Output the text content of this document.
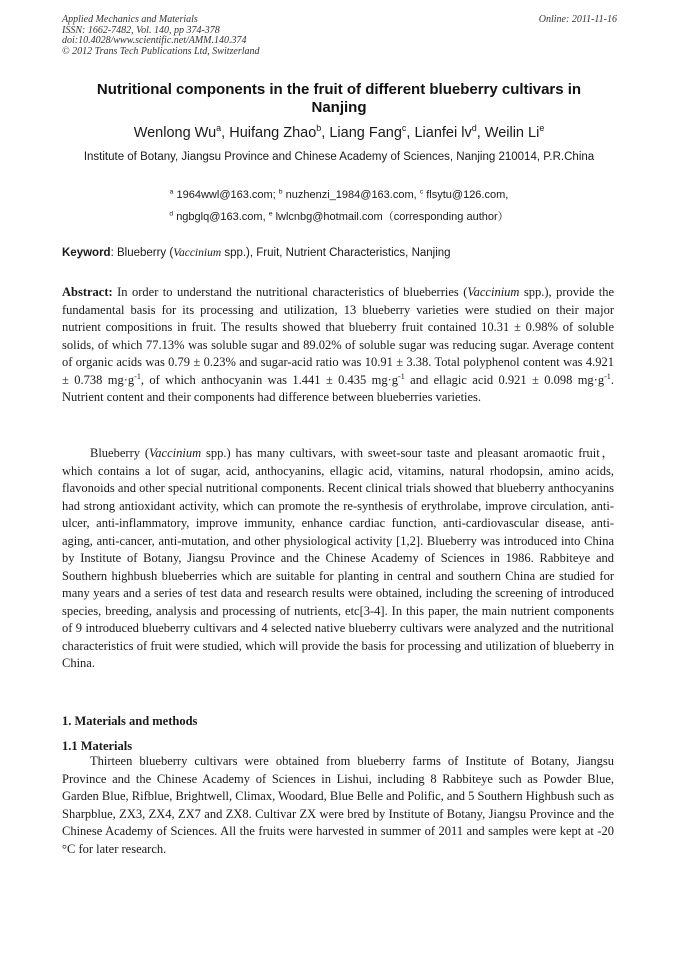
Applied Mechanics and Materials
ISSN: 1662-7482, Vol. 140, pp 374-378
doi:10.4028/www.scientific.net/AMM.140.374
© 2012 Trans Tech Publications Ltd, Switzerland
Online: 2011-11-16
Nutritional components in the fruit of different blueberry cultivars in Nanjing
Wenlong Wu$^a$, Huifang Zhao$^b$, Liang Fang$^c$, Lianfei $lv^d$, Weilin Li$^e$
Institute of Botany, Jiangsu Province and Chinese Academy of Sciences, Nanjing 210014, P.R.China
$^a$ 1964wwl@163.com; $^b$ nuzhenzi_1984@163.com, $^c$ flsytu@126.com,
$^d$ ngbglq@163.com, $^e$ lwlcnbg@hotmail.com（corresponding author）
Keyword: Blueberry (Vaccinium spp.), Fruit, Nutrient Characteristics, Nanjing
Abstract: In order to understand the nutritional characteristics of blueberries (Vaccinium spp.), provide the fundamental basis for its processing and utilization, 13 blueberry varieties were studied on their major nutrient compositions in fruit. The results showed that blueberry fruit contained 10.31 ± 0.98% of soluble solids, of which 77.13% was soluble sugar and 89.02% of soluble sugar was reducing sugar. Average content of organic acids was 0.79 ± 0.23% and sugar-acid ratio was 10.91 ± 3.38. Total polyphenol content was 4.921 ± 0.738 $mg\cdot g^{-1}$, of which anthocyanin was 1.441 ± 0.435 $mg\cdot g^{-1}$ and ellagic acid 0.921 ± 0.098 $mg\cdot g^{-1}$. Nutrient content and their components had difference between blueberries varieties.
Blueberry (Vaccinium spp.) has many cultivars, with sweet-sour taste and pleasant aromaotic fruit，which contains a lot of sugar, acid, anthocyanins, ellagic acid, vitamins, natural rhodopsin, amino acids, flavonoids and other special nutritional components. Recent clinical trials showed that blueberry anthocyanins had strong antioxidant activity, which can promote the re-synthesis of erythrolabe, improve circulation, anti-ulcer, anti-inflammatory, improve immunity, enhance cardiac function, anti-cardiovascular disease, anti-aging, anti-cancer, anti-mutation, and other physiological activity [1,2]. Blueberry was introduced into China by Institute of Botany, Jiangsu Province and the Chinese Academy of Sciences in 1986. Rabbiteye and Southern highbush blueberries which are suitable for planting in central and southern China are studied for many years and a series of test data and research results were obtained, including the screening of introduced species, breeding, analysis and processing of nutrients, etc[3-4]. In this paper, the main nutrient components of 9 introduced blueberry cultivars and 4 selected native blueberry cultivars were analyzed and the nutritional characteristics of fruit were studied, which will provide the basis for processing and utilization of blueberry in China.
1. Materials and methods
1.1 Materials
Thirteen blueberry cultivars were obtained from blueberry farms of Institute of Botany, Jiangsu Province and the Chinese Academy of Sciences in Lishui, including 8 Rabbiteye such as Powder Blue, Garden Blue, Rifblue, Brightwell, Climax, Woodard, Blue Belle and Polific, and 5 Southern Highbush such as Sharpblue, ZX3, ZX4, ZX7 and ZX8. Cultivar ZX were bred by Institute of Botany, Jiangsu Province and the Chinese Academy of Sciences. All the fruits were harvested in summer of 2011 and samples were kept at -20 °C for later research.
